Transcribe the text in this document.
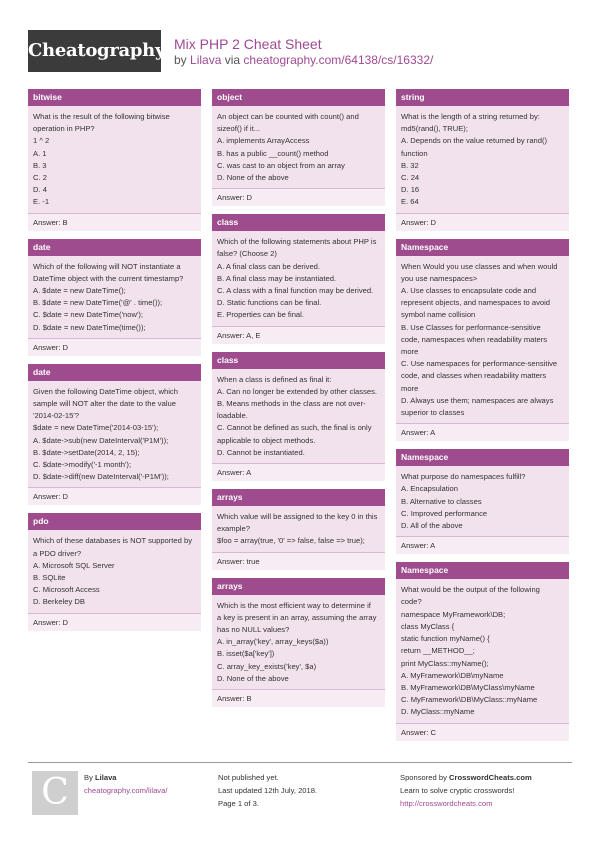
Cheatography Mix PHP 2 Cheat Sheet
by Lilava via cheatography.com/64138/cs/16332/
bitwise
What is the result of the following bitwise
operation in PHP?
1 ^ 2
A. 1
B. 3
C. 2
D. 4
E. -1
Answer: B
date
Which of the following will NOT instantiate a
DateTime object with the current timestamp?
A. $date = new DateTime();
B. $date = new DateTime('@' . time());
C. $date = new DateTime('now');
D. $date = new DateTime(time());
Answer: D
date
Given the following DateTime object, which
sample will NOT alter the date to the value
'2014-02-15'?
$date = new DateTime('2014-03-15');
A. $date->sub(new DateInterval('P1M'));
B. $date->setDate(2014, 2, 15);
C. $date->modify('-1 month');
D. $date->diff(new DateInterval('-P1M'));
Answer: D
pdo
Which of these databases is NOT supported by
a PDO driver?
A. Microsoft SQL Server
B. SQLite
C. Microsoft Access
D. Berkeley DB
Answer: D
object
An object can be counted with count() and
sizeof() if it...
A. implements ArrayAccess
B. has a public __count() method
C. was cast to an object from an array
D. None of the above
Answer: D
class
Which of the following statements about PHP is
false? (Choose 2)
A. A final class can be derived.
B. A final class may be instantiated.
C. A class with a final function may be derived.
D. Static functions can be final.
E. Properties can be final.
Answer: A, E
class
When a class is defined as final it:
A. Can no longer be extended by other classes.
B. Means methods in the class are not over-
loadable.
C. Cannot be defined as such, the final is only
applicable to object methods.
D. Cannot be instantiated.
Answer: A
arrays
Which value will be assigned to the key 0 in this
example?
$foo = array(true, '0' => false, false => true);
Answer: true
arrays
Which is the most efficient way to determine if
a key is present in an array, assuming the array
has no NULL values?
A. in_array('key', array_keys($a))
B. isset($a['key'])
C. array_key_exists('key', $a)
D. None of the above
Answer: B
string
What is the length of a string returned by:
md5(rand(), TRUE);
A. Depends on the value returned by rand()
function
B. 32
C. 24
D. 16
E. 64
Answer: D
Namespace
When Would you use classes and when would
you use namespaces>
A. Use classes to encapsulate code and
represent objects, and namespaces to avoid
symbol name collision
B. Use Classes for performance-sensitive
code, namespaces when readability maters
more
C. Use namespaces for performance-sensitive
code, and classes when readability matters
more
D. Always use them; namespaces are always
superior to classes
Answer: A
Namespace
What purpose do namespaces fulfill?
A. Encapsulation
B. Alternative to classes
C. Improved performance
D. All of the above
Answer: A
Namespace
What would be the output of the following
code?
namespace MyFramework\DB;
class MyClass {
static function myName() {
return __METHOD__;
print MyClass::myName();
A. MyFramework\DB\myName
B. MyFramework\DB\MyClass\myName
C. MyFramework\DB\MyClass::myName
D. MyClass::myName
Answer: C
C	By Lilava
cheatography.com/lilava/
Not published yet.
Last updated 12th July, 2018.
Page 1 of 3.
Sponsored by CrosswordCheats.com
Learn to solve cryptic crosswords!
http://crosswordcheats.com
